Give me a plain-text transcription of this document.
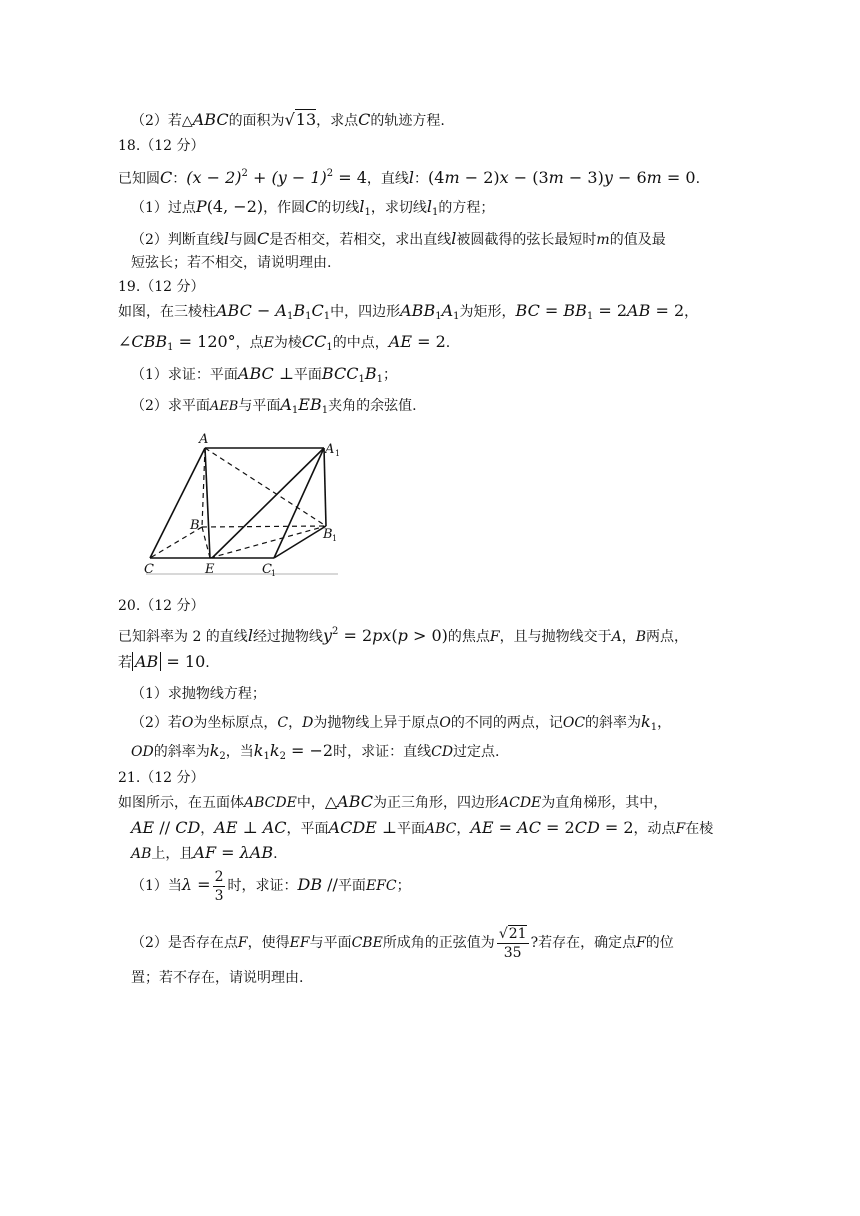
（2）若△ABC的面积为√13，求点C的轨迹方程.
18.（12 分）
已知圆C：$(x - 2)^2 + (y - 1)^2 = 4$，直线l：(4m − 2)x − (3m − 3)y − 6m = 0.
（1）过点P(4, −2)，作圆C的切线$l_1$，求切线$l_1$的方程；
（2）判断直线l与圆C是否相交，若相交，求出直线l被圆截得的弦长最短时m的值及最
短弦长；若不相交，请说明理由.
19.（12 分）
如图，在三棱柱ABC − $A_1B_1C_1$中，四边形$ABB_1A_1$为矩形，BC = $BB_1 = 2AB = 2$，
$\angle CBB_1 = 120^\circ$，点E为棱$CC_1$的中点，AE = 2.
（1）求证：平面ABC ⊥平面$BCC_1B_1$；
（2）求平面AEB与平面$A_1EB_1$夹角的余弦值.
A
A 1
B
B 1
C	E	C 1
20.（12 分）
已知斜率为 2 的直线l经过抛物线$y^2 = 2px(p > 0)$的焦点F，且与抛物线交于A，B两点，
若 AB = 10.
（1）求抛物线方程；
（2）若O为坐标原点，C，D为抛物线上异于原点O的不同的两点，记OC的斜率为$k_1$，
OD的斜率为$k_2$，当$k_1k_2 = -2$时，求证：直线CD过定点.
21.（12 分）
如图所示，在五面体ABCDE中，△ABC为正三角形，四边形ACDE为直角梯形，其中，
AE // CD，AE ⊥ AC，平面ACDE ⊥平面ABC，AE = AC = 2CD = 2，动点F在棱
AB上，且AF = λAB.
（1）当$\lambda = \frac{2}{3}$ 时，求证：DB //平面EFC；
（2）是否存在点F，使得EF与平面CBE所成角的正弦值为 $\frac{√21}{35}$ ?若存在，确定点F的位
置；若不存在，请说明理由.
